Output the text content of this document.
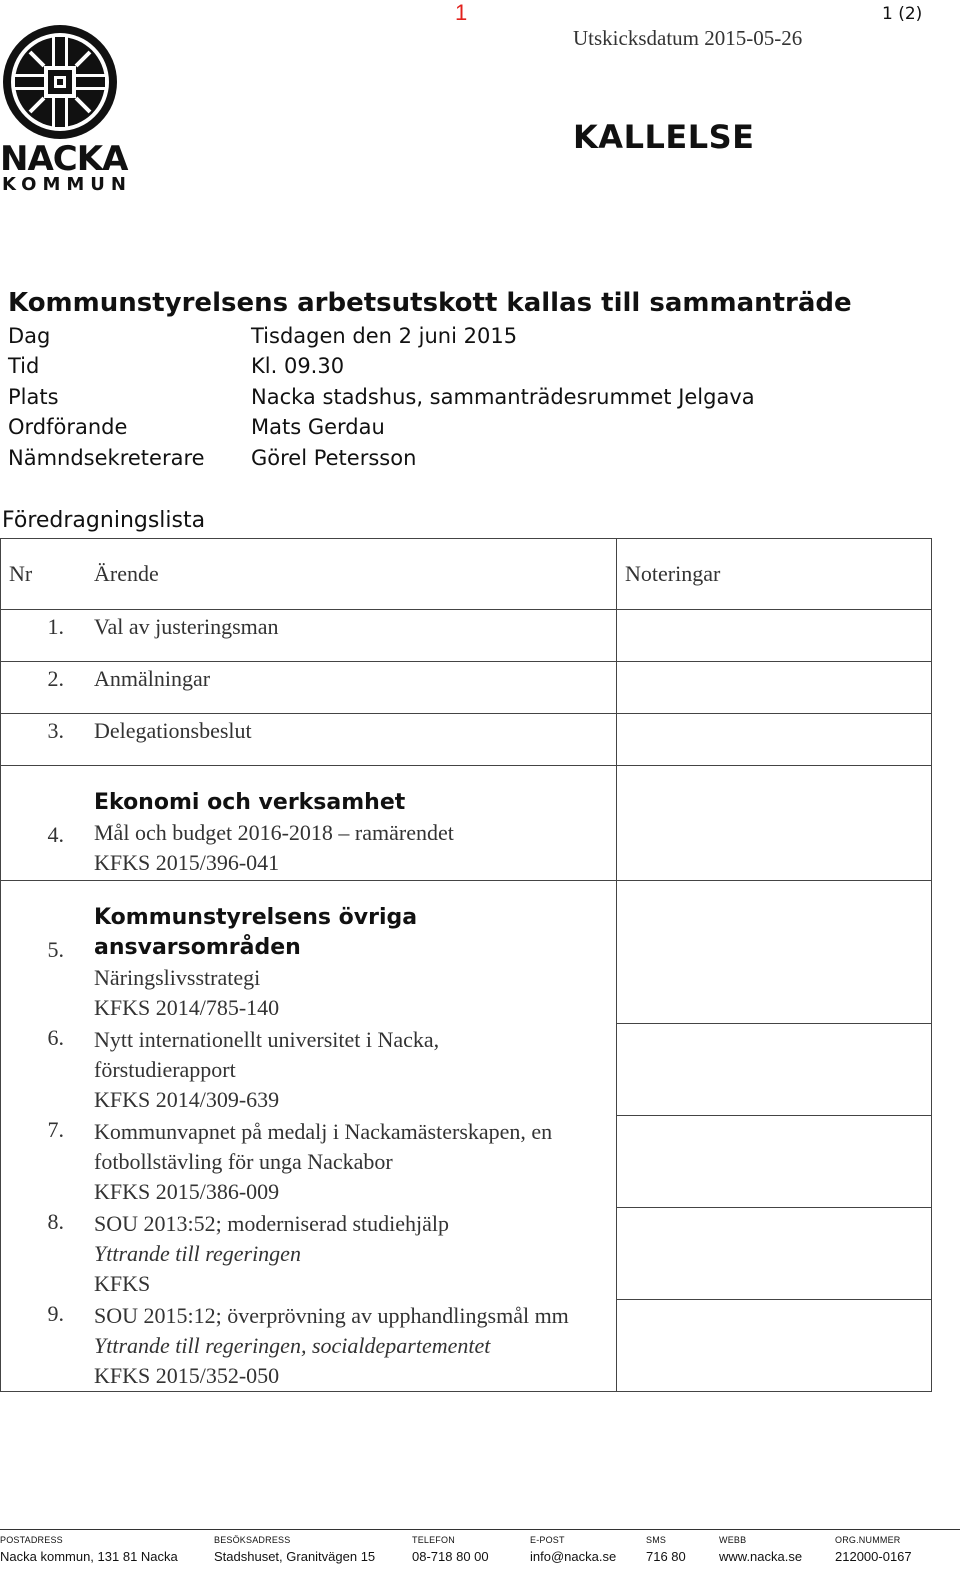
1	1 (2)
Utskicksdatum 2015-05-26
KALLELSE
NACKA
KOMMUN
Kommunstyrelsens arbetsutskott kallas till sammanträde
Dag	Tisdagen den 2 juni 2015
Tid	Kl. 09.30
Plats	Nacka stadshus, sammanträdesrummet Jelgava
Ordförande	Mats Gerdau
Nämndsekreterare Görel Petersson
Föredragningslista
Nr	Ärende	Noteringar

1.	Val av justeringsman	

2.	Anmälningar	

3.	Delegationsbeslut	

4.	Ekonomi och verksamhet
Mål och budget 2016-2018 – ramärendet
KFKS 2015/396-041	

5.	Kommunstyrelsens övriga ansvarsområden
Näringslivsstrategi
KFKS 2014/785-140	

6.	Nytt internationellt universitet i Nacka,
förstudierapport
KFKS 2014/309-639	

7.	Kommunvapnet på medalj i Nackamästerskapen, en
fotbollstävling för unga Nackabor
KFKS 2015/386-009	

8.	SOU 2013:52; moderniserad studiehjälp
Yttrande till regeringen
KFKS	

9.	SOU 2015:12; överprövning av upphandlingsmål mm
Yttrande till regeringen, socialdepartementet
KFKS 2015/352-050	

POSTADRESS
Nacka kommun, 131 81 Nacka
BESÖKSADRESS
Stadshuset, Granitvägen 15
TELEFON
08-718 80 00
E-POST
info@nacka.se
SMS
716 80
WEBB
www.nacka.se
ORG.NUMMER
212000-0167
